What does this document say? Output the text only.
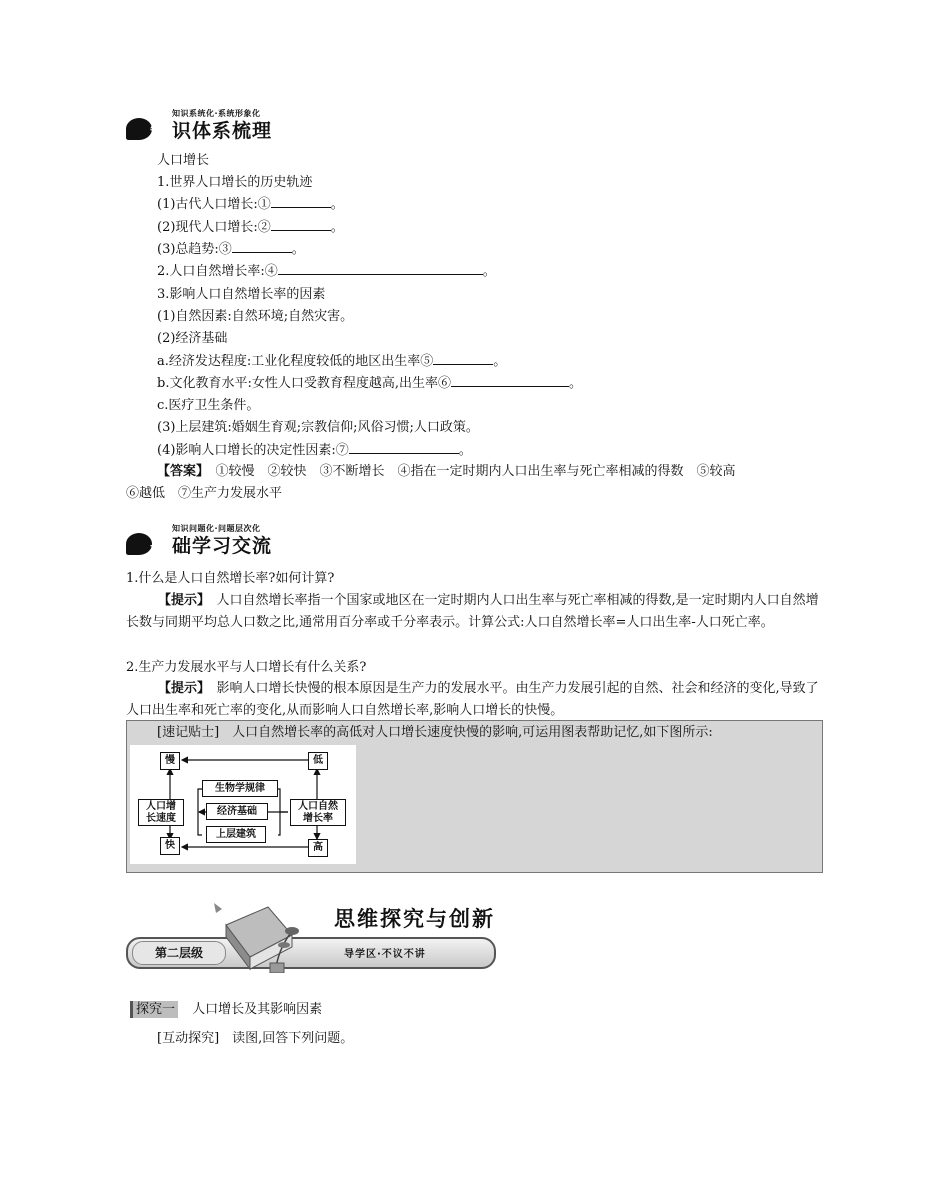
知识系统化·系统形象化
知 识体系梳理
人口增长
1.世界人口增长的历史轨迹
(1)古代人口增长:①	。
(2)现代人口增长:②	。
(3)总趋势:③	。
2.人口自然增长率:④	。
3.影响人口自然增长率的因素
(1)自然因素:自然环境;自然灾害。
(2)经济基础
a.经济发达程度:工业化程度较低的地区出生率⑤	。
b.文化教育水平:女性人口受教育程度越高,出生率⑥	。
c.医疗卫生条件。
(3)上层建筑:婚姻生育观;宗教信仰;风俗习惯;人口政策。
(4)影响人口增长的决定性因素:⑦	。
【答案】　 ①较慢　②较快　③不断增长　④指在一定时期内人口出生率与死亡率相减的得数　⑤较高
⑥越低　⑦生产力发展水平
知识问题化·问题层次化
基 础学习交流
1.什么是人口自然增长率?如何计算?
【提示】　 人口自然增长率指一个国家或地区在一定时期内人口出生率与死亡率相减的得数,是一定时期内人口自然增长数与同期平均总人口数之比,通常用百分率或千分率表示。计算公式:人口自然增长率=人口出生率-人口死亡率。
2.生产力发展水平与人口增长有什么关系?
【提示】　 影响人口增长快慢的根本原因是生产力的发展水平。由生产力发展引起的自然、社会和经济的变化,导致了人口出生率和死亡率的变化,从而影响人口自然增长率,影响人口增长的快慢。
[速记贴士]　 人口自然增长率的高低对人口增长速度快慢的影响,可运用图表帮助记忆,如下图所示:
慢	低
生物学规律
经济基础
上层建筑
人口增长速度
人口自然增长率
快	高
第二层级
思维探究与创新
导学区·不议不讲
探究一 人口增长及其影响因素
[互动探究]　 读图,回答下列问题。
